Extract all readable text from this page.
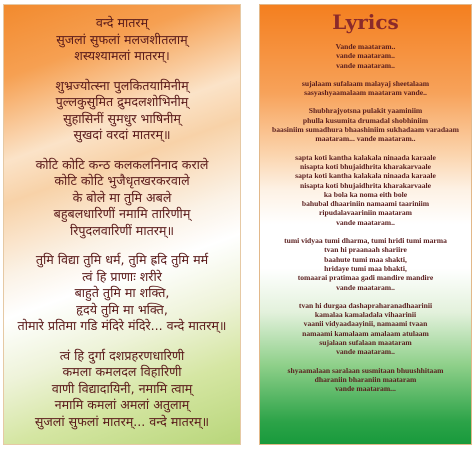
वन्दे मातरम्
सुजलां सुफलां मलजशीतलाम्
शस्यश्यामलां मातरम्।
शुभ्रज्योत्स्ना पुलकितयामिनीम्
पुल्लकुसुमित द्रुमदलशोभिनीम्
सुहासिनीं सुमधुर भाषिनीम्
सुखदां वरदां मातरम्॥
कोटि कोटि कन्ठ कलकलनिनाद कराले
कोटि कोटि भुजैधृतखरकरवाले
के बोले मा तुमि अबले
बहुबलधारिणीं नमामि तारिणीम्
रिपुदलवारिणीं मातरम्॥
तुमि विद्या तुमि धर्म, तुमि ह्रदि तुमि मर्म
त्वं हि प्राणाः शरीरे
बाहुते तुमि मा शक्ति,
हृदये तुमि मा भक्ति,
तोमारे प्रतिमा गडि मंदिरे मंदिरे... वन्दे मातरम्॥
त्वं हि दुर्गा दशप्रहरणधारिणी
कमला कमलदल विहारिणी
वाणी विद्यादायिनी, नमामि त्वाम्
नमामि कमलां अमलां अतुलाम्
सुजलां सुफलां मातरम्... वन्दे मातरम्॥
Lyrics
Vande maataram..
vande maataram..
vande maataram..
sujalaam sufalaam malayaj sheetalaam
sasyashyaamalaam maataram vande..
Shubhrajyotsna pulakit yaaminiim
phulla kusumita drumadal shobhiniim
baasiniim sumadhura bhaashiniim sukhadaam varadaam
maataram... vande maataram..
sapta koti kantha kalakala ninaada karaale
nisapta koti bhujaidhrita kharakarvaale
sapta koti kantha kalakala ninaada karaale
nisapta koti bhujaidhrita kharakarvaale
ka bola ka noma eith bole
bahubal dhaariniin namaami taariniim
ripudalavaariniin maataram
vande maataram..
tumi vidyaa tumi dharma, tumi hridi tumi marma
tvan hi praanaah shariire
baahute tumi maa shakti,
hridaye tumi maa bhakti,
tomaarai pratimaa gadi mandire mandire
vande maataram..
tvan hi durgaa dashapraharanadhaarinii
kamalaa kamaladala vihaarinii
vaanii vidyaadaayinii, namaami tvaan
namaami kamalaam amalaam atulaam
sujalaan sufalaan maataram
vande maataram..
shyaamalaan saralaan susmitaan bhuushhitaam
dharaniin bharaniin maataram
vande maataram...
